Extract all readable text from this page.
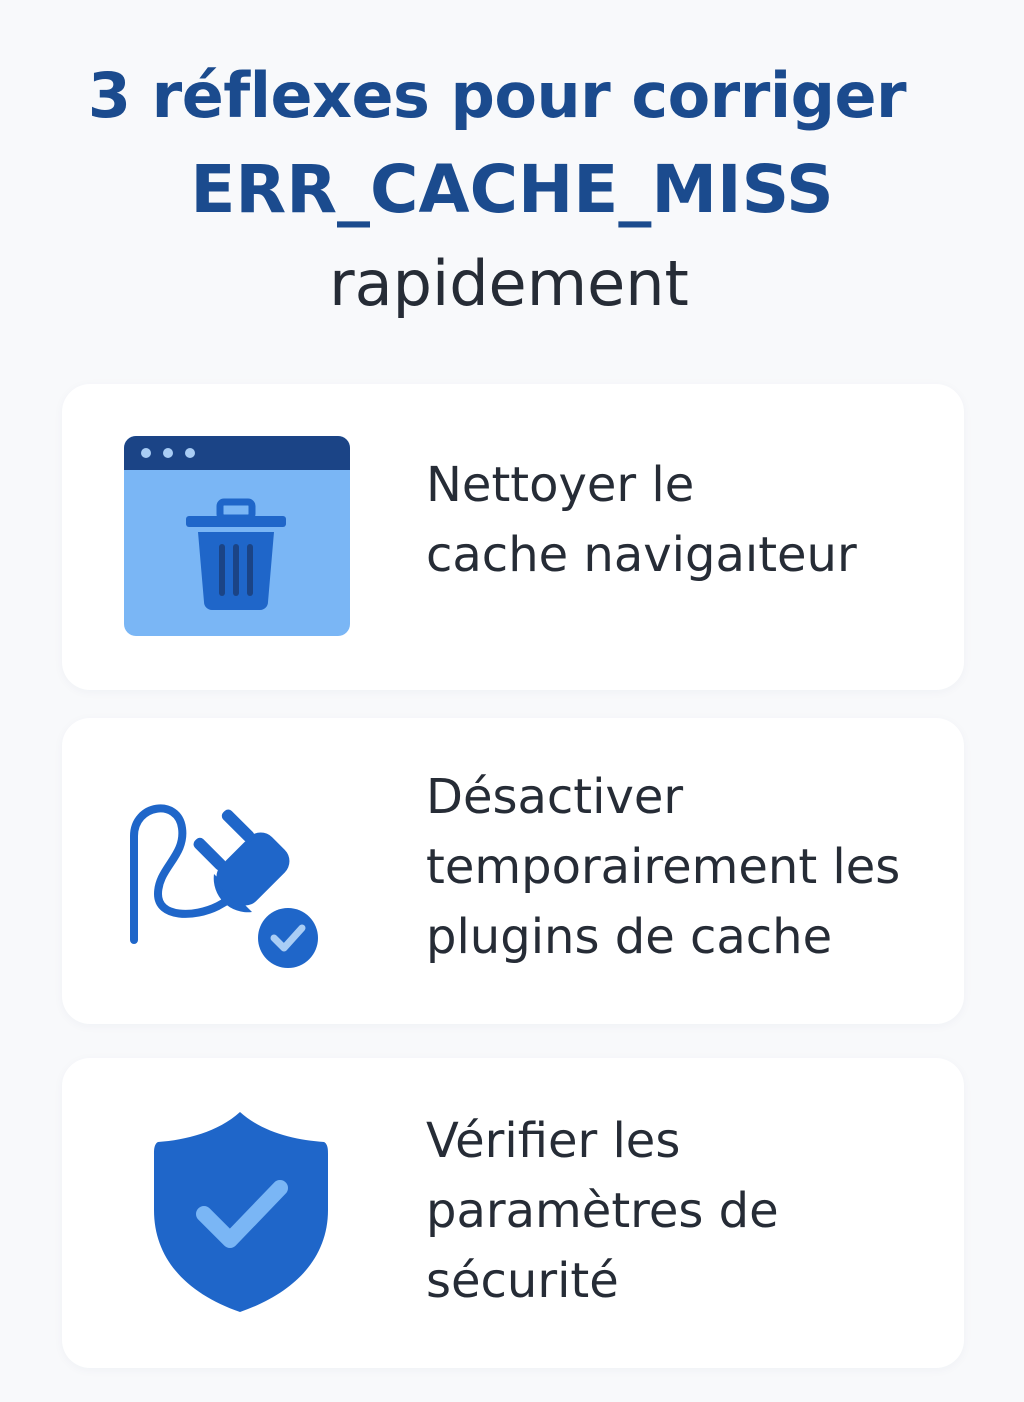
3 réflexes pour corriger
ERR_CACHE_MISS
rapidement
Nettoyer le
cache navigaıteur
Désactiver
temporairement les
plugins de cache
Vérifier les
paramètres de
sécurité
